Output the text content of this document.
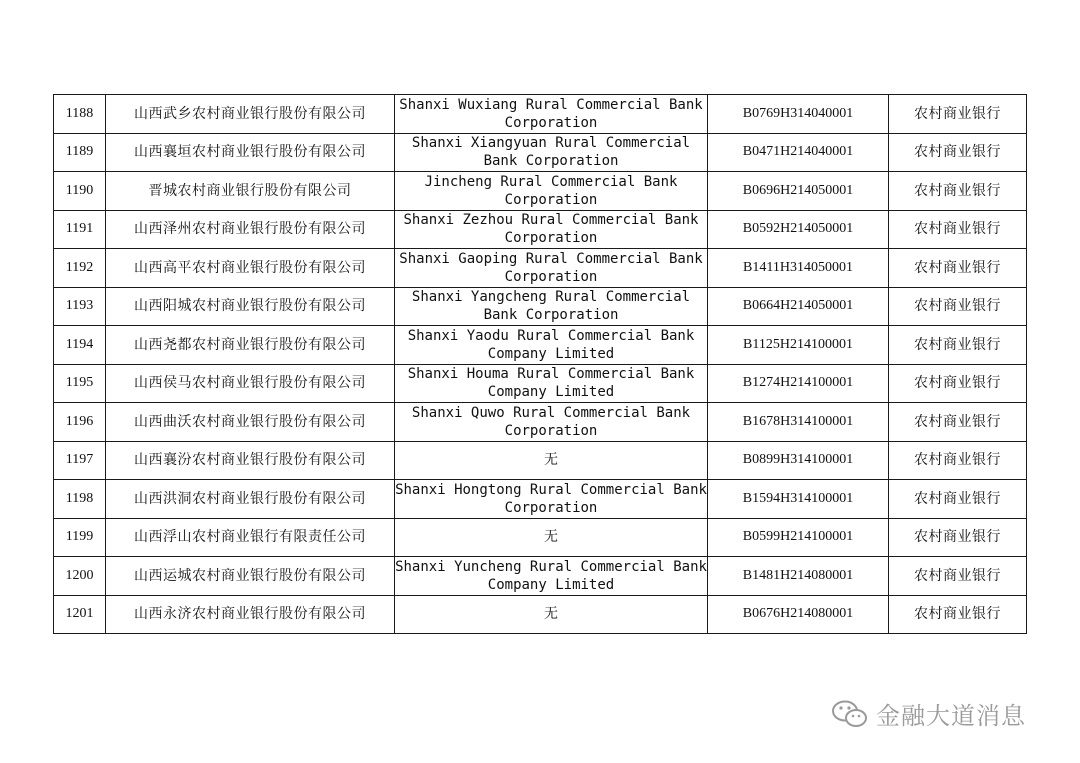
1188	山西武乡农村商业银行股份有限公司	Shanxi Wuxiang Rural Commercial Bank Corporation	B0769H314040001	农村商业银行
1189	山西襄垣农村商业银行股份有限公司	Shanxi Xiangyuan Rural Commercial Bank Corporation	B0471H214040001	农村商业银行
1190	晋城农村商业银行股份有限公司	Jincheng Rural Commercial Bank Corporation	B0696H214050001	农村商业银行
1191	山西泽州农村商业银行股份有限公司	Shanxi Zezhou Rural Commercial Bank Corporation	B0592H214050001	农村商业银行
1192	山西高平农村商业银行股份有限公司	Shanxi Gaoping Rural Commercial Bank Corporation	B1411H314050001	农村商业银行
1193	山西阳城农村商业银行股份有限公司	Shanxi Yangcheng Rural Commercial Bank Corporation	B0664H214050001	农村商业银行
1194	山西尧都农村商业银行股份有限公司	Shanxi Yaodu Rural Commercial Bank Company Limited	B1125H214100001	农村商业银行
1195	山西侯马农村商业银行股份有限公司	Shanxi Houma Rural Commercial Bank Company Limited	B1274H214100001	农村商业银行
1196	山西曲沃农村商业银行股份有限公司	Shanxi Quwo Rural Commercial Bank Corporation	B1678H314100001	农村商业银行
1197	山西襄汾农村商业银行股份有限公司	无	B0899H314100001	农村商业银行
1198	山西洪洞农村商业银行股份有限公司	Shanxi Hongtong Rural Commercial Bank Corporation	B1594H314100001	农村商业银行
1199	山西浮山农村商业银行有限责任公司	无	B0599H214100001	农村商业银行
1200	山西运城农村商业银行股份有限公司	Shanxi Yuncheng Rural Commercial Bank Company Limited	B1481H214080001	农村商业银行
1201	山西永济农村商业银行股份有限公司	无	B0676H214080001	农村商业银行
金融大道消息
